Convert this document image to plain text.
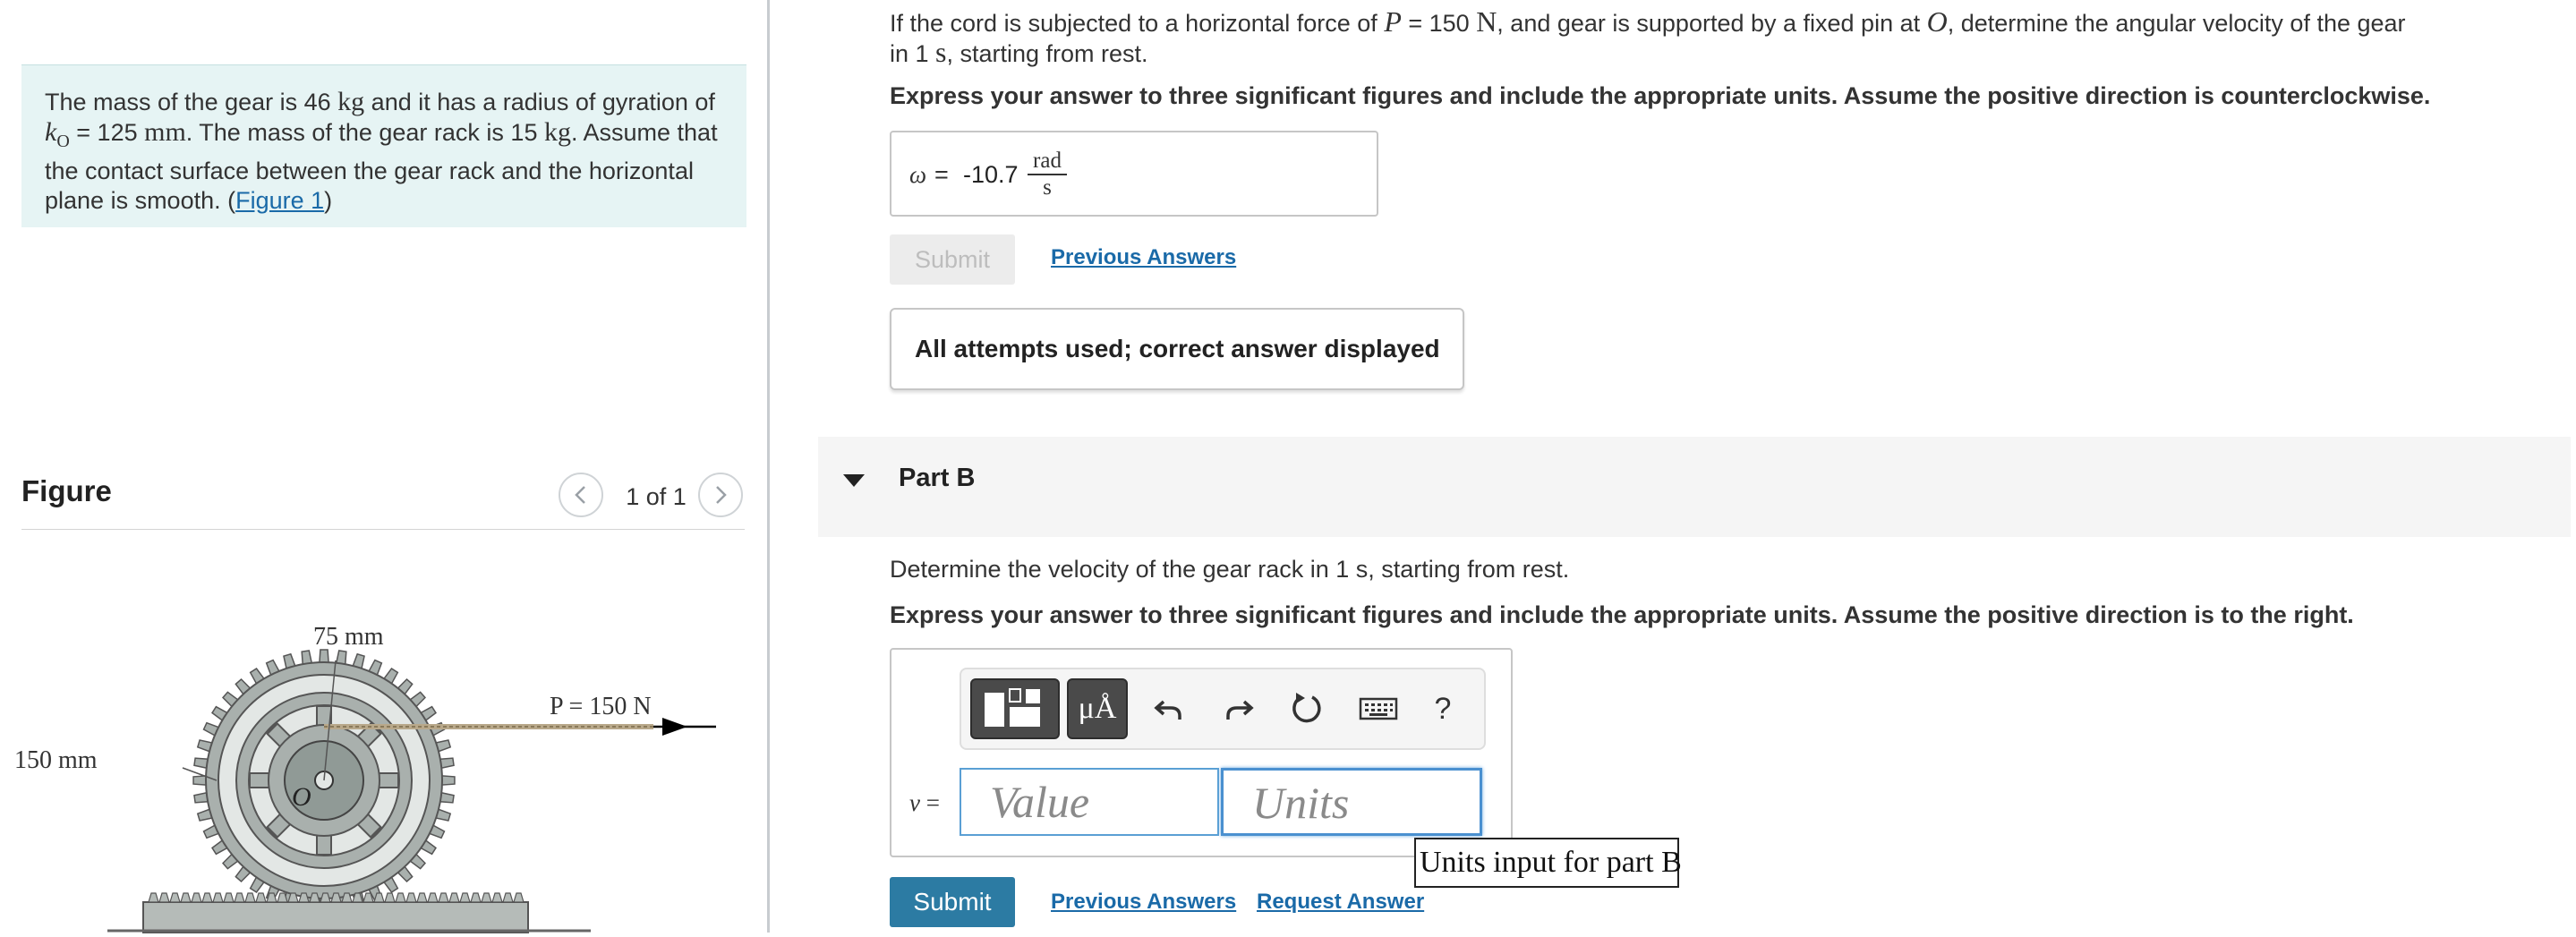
The mass of the gear is 46 kg and it has a radius of gyration of
$k_O = 125$ mm. The mass of the gear rack is 15 kg. Assume that the contact surface between the gear rack and the horizontal plane is smooth. (Figure 1)
Figure	1 of 1
75 mm
150 mm
P = 150 N
O
If the cord is subjected to a horizontal force of P = 150 N, and gear is supported by a fixed pin at O, determine the angular velocity of the gear in 1 s, starting from rest.
Express your answer to three significant figures and include the appropriate units. Assume the positive direction is counterclockwise.
ω = -10.7
rad
s
Submit	Previous Answers
All attempts used; correct answer displayed
Part B
Determine the velocity of the gear rack in 1 s, starting from rest.
Express your answer to three significant figures and include the appropriate units. Assume the positive direction is to the right.
μÅ	?
v =	Value	Units
Submit	Previous Answers Request Answer
Units input for part B
